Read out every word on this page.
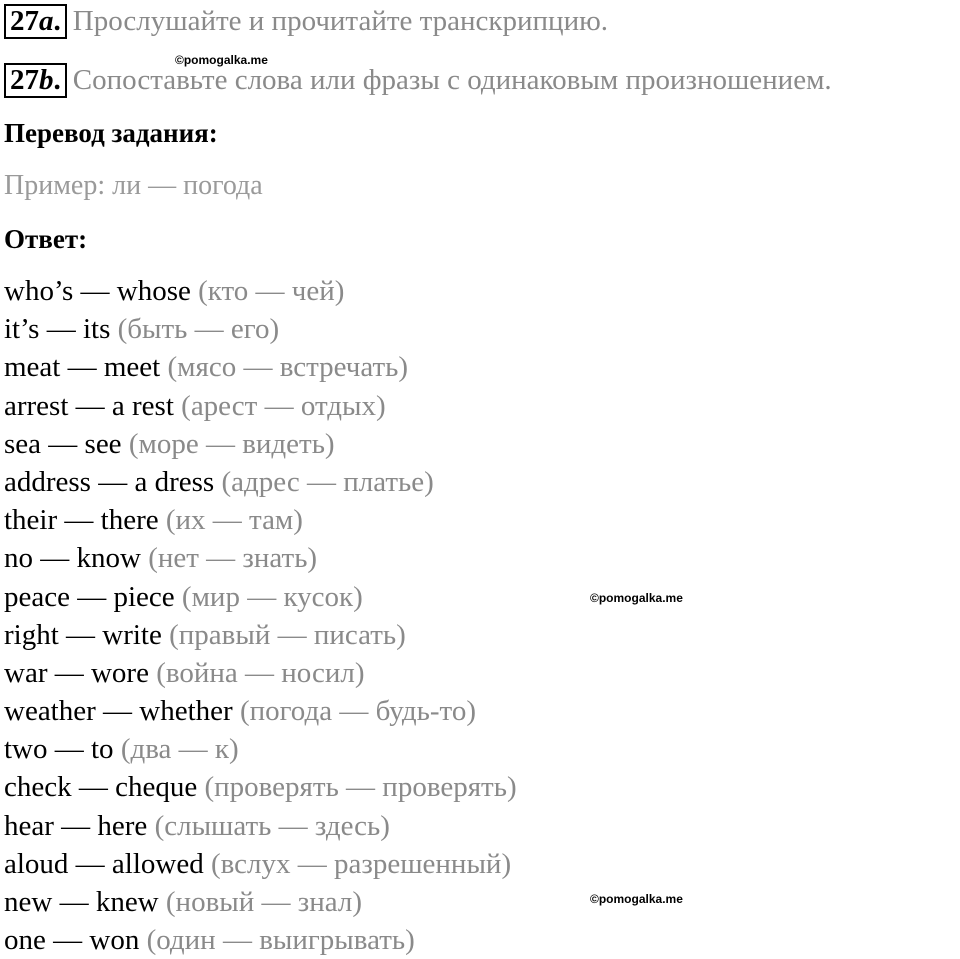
27a. Прослушайте и прочитайте транскрипцию.
©pomogalka.me
27b. Сопоставьте слова или фразы с одинаковым произношением.
Перевод задания:
Пример: ли — погода
Ответ:
who’s — whose (кто — чей)
it’s — its (быть — его)
meat — meet (мясо — встречать)
arrest — a rest (арест — отдых)
sea — see (море — видеть)
address — a dress (адрес — платье)
their — there (их — там)
no — know (нет — знать)
peace — piece (мир — кусок)
right — write (правый — писать)
war — wore (война — носил)
weather — whether (погода — будь-то)
two — to (два — к)
check — cheque (проверять — проверять)
hear — here (слышать — здесь)
aloud — allowed (вслух — разрешенный)
new — knew (новый — знал)
one — won (один — выигрывать)
©pomogalka.me
©pomogalka.me
